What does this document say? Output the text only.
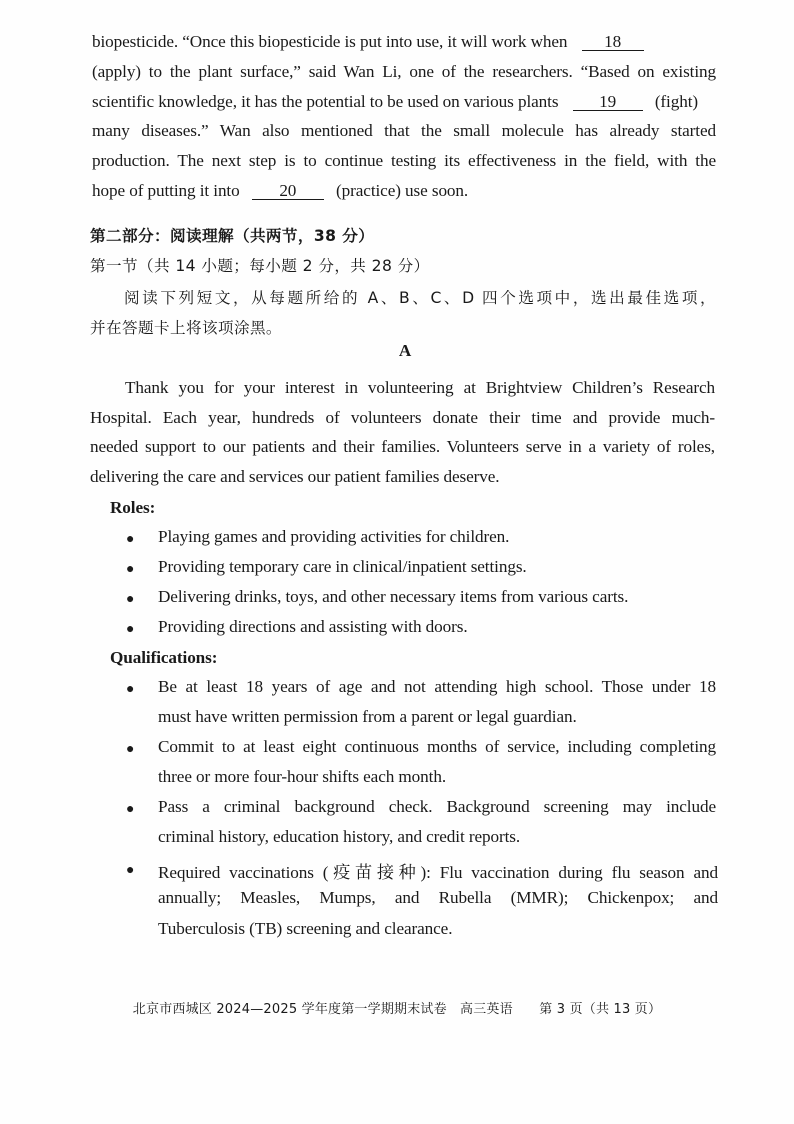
biopesticide. “Once this biopesticide is put into use, it will work when 18
(apply) to the plant surface,” said Wan Li, one of the researchers. “Based on existing
scientific knowledge, it has the potential to be used on various plants 19 (fight)
many diseases.” Wan also mentioned that the small molecule has already started
production. The next step is to continue testing its effectiveness in the field, with the
hope of putting it into 20 (practice) use soon.
第二部分：阅读理解（共两节，38 分）
第一节（共 14 小题；每小题 2 分，共 28 分）
阅读下列短文，从每题所给的 A、B、C、D 四个选项中，选出最佳选项，
并在答题卡上将该项涂黑。
A
Thank you for your interest in volunteering at Brightview Children’s Research
Hospital. Each year, hundreds of volunteers donate their time and provide much-
needed support to our patients and their families. Volunteers serve in a variety of roles,
delivering the care and services our patient families deserve.
Roles:
● Playing games and providing activities for children.
● Providing temporary care in clinical/inpatient settings.
● Delivering drinks, toys, and other necessary items from various carts.
● Providing directions and assisting with doors.
Qualifications:
● Be at least 18 years of age and not attending high school. Those under 18
must have written permission from a parent or legal guardian.
● Commit to at least eight continuous months of service, including completing
three or more four-hour shifts each month.
● Pass a criminal background check. Background screening may include
criminal history, education history, and credit reports.
● Required vaccinations (疫苗接种): Flu vaccination during flu season and
annually; Measles, Mumps, and Rubella (MMR); Chickenpox; and
Tuberculosis (TB) screening and clearance.
北京市西城区 2024—2025 学年度第一学期期末试卷　高三英语　　第 3 页（共 13 页）
